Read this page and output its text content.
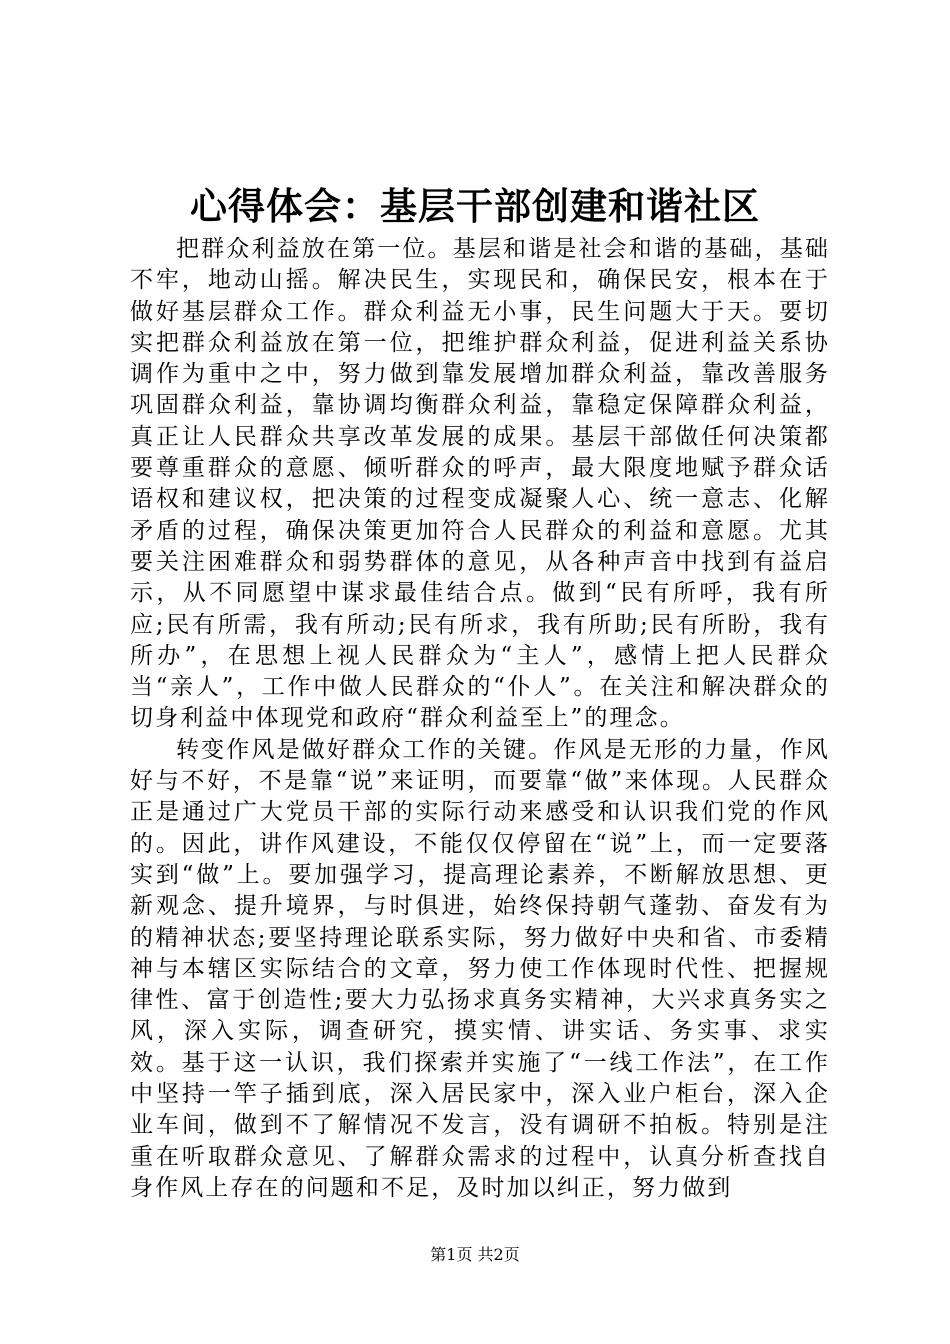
心得体会：基层干部创建和谐社区

把群众利益放在第一位。基层和谐是社会和谐的基础，基础不牢，地动山摇。解决民生，实现民和，确保民安，根本在于做好基层群众工作。群众利益无小事，民生问题大于天。要切实把群众利益放在第一位，把维护群众利益，促进利益关系协调作为重中之中，努力做到靠发展增加群众利益，靠改善服务巩固群众利益，靠协调均衡群众利益，靠稳定保障群众利益，真正让人民群众共享改革发展的成果。基层干部做任何决策都要尊重群众的意愿、倾听群众的呼声，最大限度地赋予群众话语权和建议权，把决策的过程变成凝聚人心、统一意志、化解矛盾的过程，确保决策更加符合人民群众的利益和意愿。尤其要关注困难群众和弱势群体的意见，从各种声音中找到有益启示，从不同愿望中谋求最佳结合点。做到“民有所呼，我有所应;民有所需，我有所动;民有所求，我有所助;民有所盼，我有所办”，在思想上视人民群众为“主人”，感情上把人民群众当“亲人”，工作中做人民群众的“仆人”。在关注和解决群众的切身利益中体现党和政府“群众利益至上”的理念。

转变作风是做好群众工作的关键。作风是无形的力量，作风好与不好，不是靠“说”来证明，而要靠“做”来体现。人民群众正是通过广大党员干部的实际行动来感受和认识我们党的作风的。因此，讲作风建设，不能仅仅停留在“说”上，而一定要落实到“做”上。要加强学习，提高理论素养，不断解放思想、更新观念、提升境界，与时俱进，始终保持朝气蓬勃、奋发有为的精神状态;要坚持理论联系实际，努力做好中央和省、市委精神与本辖区实际结合的文章，努力使工作体现时代性、把握规律性、富于创造性;要大力弘扬求真务实精神，大兴求真务实之风，深入实际，调查研究，摸实情、讲实话、务实事、求实效。基于这一认识，我们探索并实施了“一线工作法”，在工作中坚持一竿子插到底，深入居民家中，深入业户柜台，深入企业车间，做到不了解情况不发言，没有调研不拍板。特别是注重在听取群众意见、了解群众需求的过程中，认真分析查找自身作风上存在的问题和不足，及时加以纠正，努力做到

第1页 共2页
